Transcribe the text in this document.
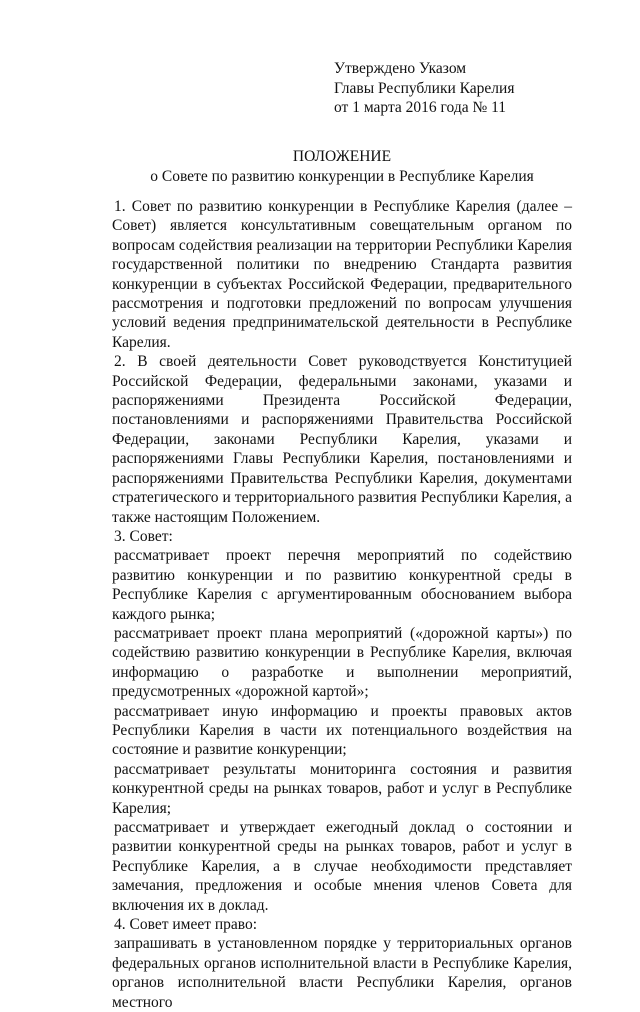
Утверждено Указом
Главы Республики Карелия
от 1 марта 2016 года № 11
ПОЛОЖЕНИЕ
о Совете по развитию конкуренции в Республике Карелия

1. Совет по развитию конкуренции в Республике Карелия (далее – Совет) является консультативным совещательным органом по вопросам содействия реализации на территории Республики Карелия государственной политики по внедрению Стандарта развития конкуренции в субъектах Российской Федерации, предварительного рассмотрения и подготовки предложений по вопросам улучшения условий ведения предпринимательской деятельности в Республике Карелия.

2. В своей деятельности Совет руководствуется Конституцией Российской Федерации, федеральными законами, указами и распоряжениями Президента Российской Федерации, постановлениями и распоряжениями Правительства Российской Федерации, законами Республики Карелия, указами и распоряжениями Главы Республики Карелия, постановлениями и распоряжениями Правительства Республики Карелия, документами стратегического и территориального развития Республики Карелия, а также настоящим Положением.

3. Совет:

рассматривает проект перечня мероприятий по содействию развитию конкуренции и по развитию конкурентной среды в Республике Карелия с аргументированным обоснованием выбора каждого рынка;

рассматривает проект плана мероприятий («дорожной карты») по содействию развитию конкуренции в Республике Карелия, включая информацию о разработке и выполнении мероприятий, предусмотренных «дорожной картой»;

рассматривает иную информацию и проекты правовых актов Республики Карелия в части их потенциального воздействия на состояние и развитие конкуренции;

рассматривает результаты мониторинга состояния и развития конкурентной среды на рынках товаров, работ и услуг в Республике Карелия;

рассматривает и утверждает ежегодный доклад о состоянии и развитии конкурентной среды на рынках товаров, работ и услуг в Республике Карелия, а в случае необходимости представляет замечания, предложения и особые мнения членов Совета для включения их в доклад.

4. Совет имеет право:

запрашивать в установленном порядке у территориальных органов федеральных органов исполнительной власти в Республике Карелия, органов исполнительной власти Республики Карелия, органов местного
